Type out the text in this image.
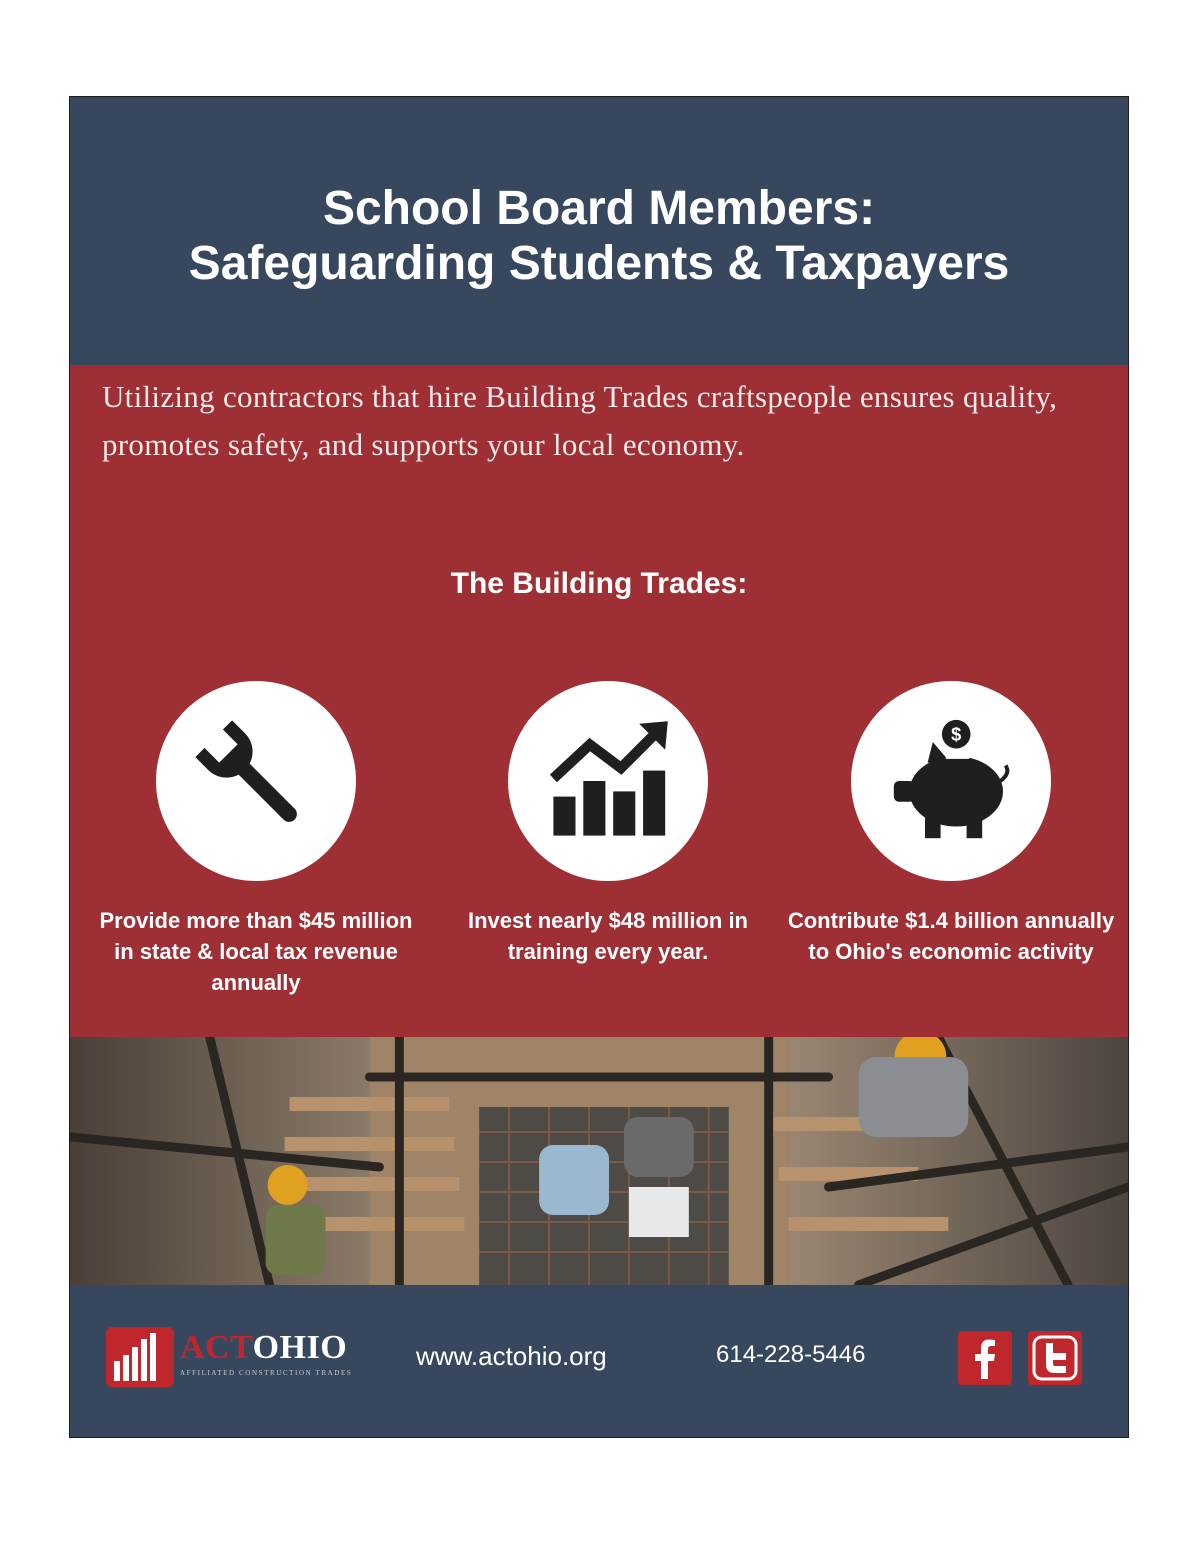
School Board Members:
Safeguarding Students & Taxpayers

Utilizing contractors that hire Building Trades craftspeople ensures quality, promotes safety, and supports your local economy.

The Building Trades:

Provide more than $45 million in state & local tax revenue annually

Invest nearly $48 million in training every year.

$

Contribute $1.4 billion annually to Ohio's economic activity

ACTOHIO
AFFILIATED CONSTRUCTION TRADES
www.actohio.org	614-228-5446
